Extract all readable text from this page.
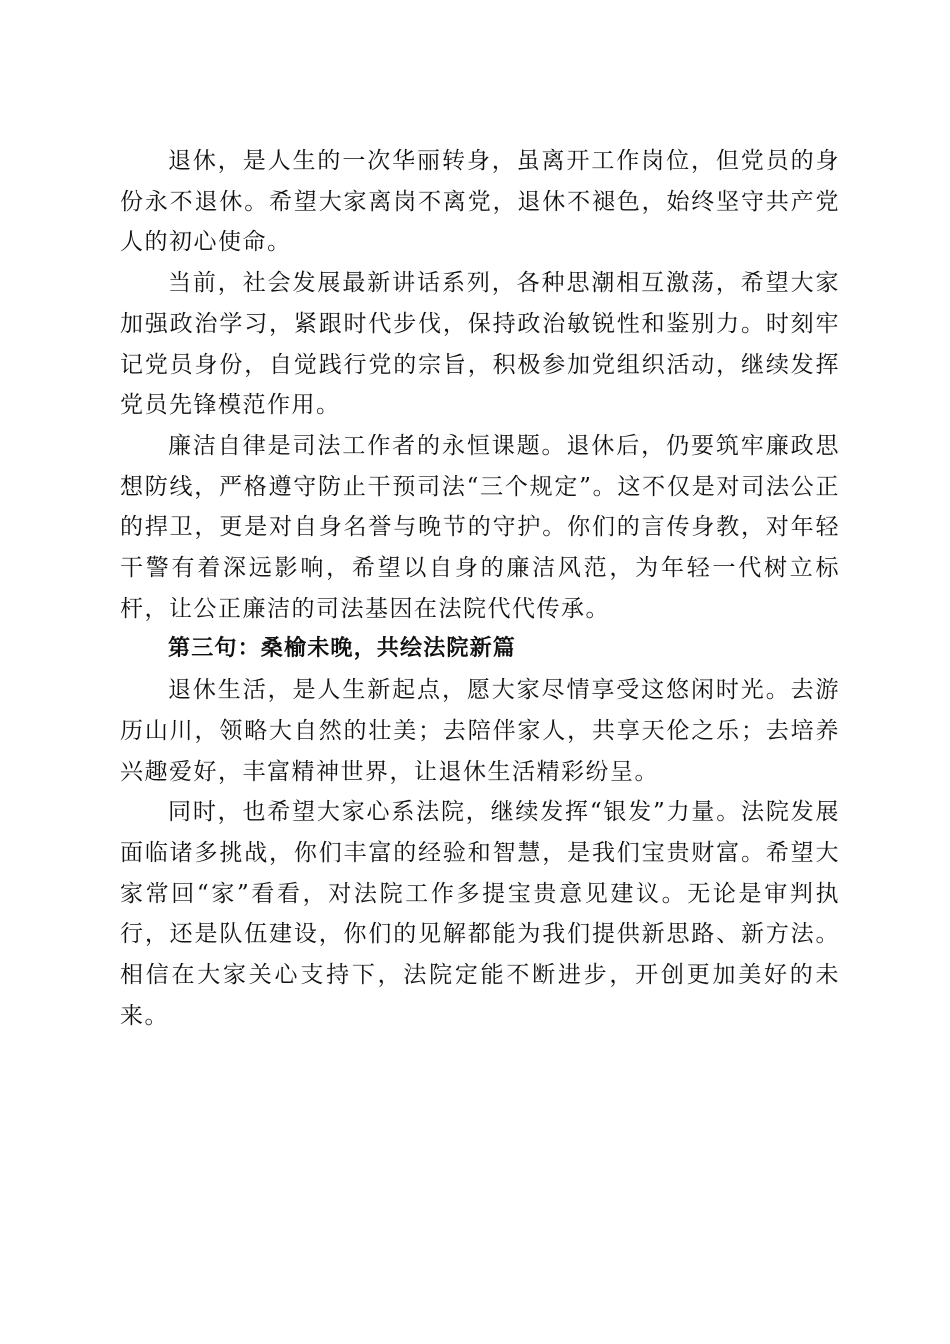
退休，是人生的一次华丽转身，虽离开工作岗位，但党员的身份永不退休。希望大家离岗不离党，退休不褪色，始终坚守共产党人的初心使命。

当前，社会发展最新讲话系列，各种思潮相互激荡，希望大家加强政治学习，紧跟时代步伐，保持政治敏锐性和鉴别力。时刻牢记党员身份，自觉践行党的宗旨，积极参加党组织活动，继续发挥党员先锋模范作用。

廉洁自律是司法工作者的永恒课题。退休后，仍要筑牢廉政思想防线，严格遵守防止干预司法“三个规定”。这不仅是对司法公正的捍卫，更是对自身名誉与晚节的守护。你们的言传身教，对年轻干警有着深远影响，希望以自身的廉洁风范，为年轻一代树立标杆，让公正廉洁的司法基因在法院代代传承。

第三句：桑榆未晚，共绘法院新篇

退休生活，是人生新起点，愿大家尽情享受这悠闲时光。去游历山川，领略大自然的壮美；去陪伴家人，共享天伦之乐；去培养兴趣爱好，丰富精神世界，让退休生活精彩纷呈。

同时，也希望大家心系法院，继续发挥“银发”力量。法院发展面临诸多挑战，你们丰富的经验和智慧，是我们宝贵财富。希望大家常回“家”看看，对法院工作多提宝贵意见建议。无论是审判执行，还是队伍建设，你们的见解都能为我们提供新思路、新方法。相信在大家关心支持下，法院定能不断进步，开创更加美好的未来。
